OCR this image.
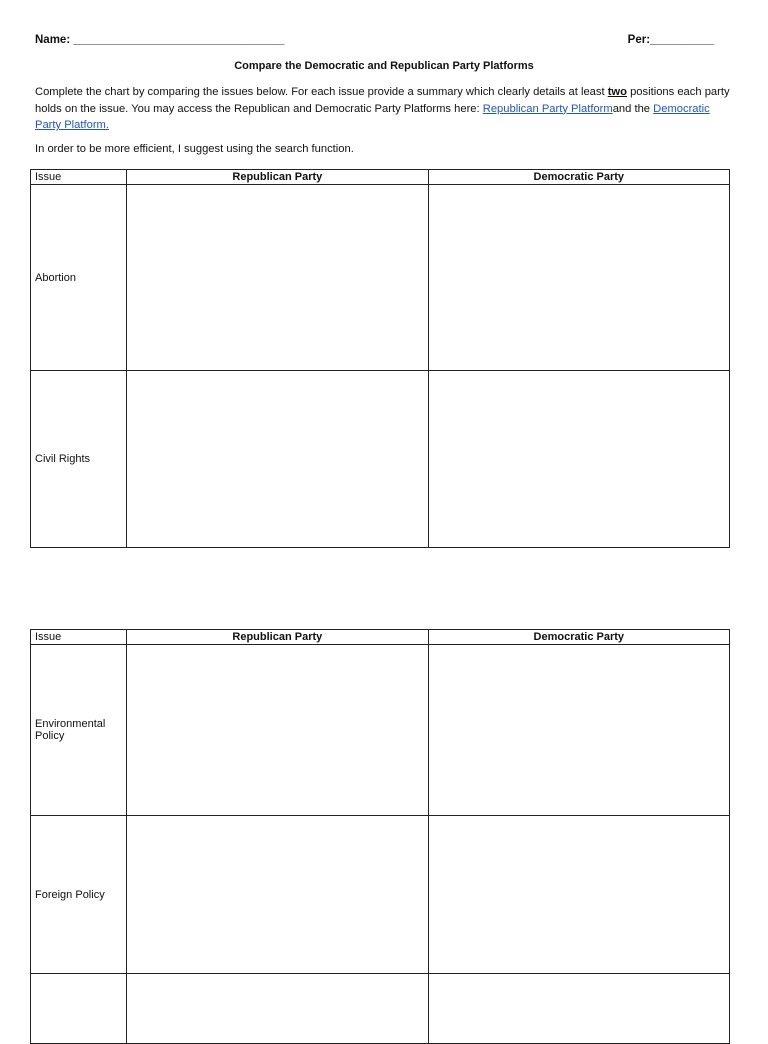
Name: _________________________________	Per:__________
Compare the Democratic and Republican Party Platforms
Complete the chart by comparing the issues below. For each issue provide a summary which clearly details at least two positions each party holds on the issue. You may access the Republican and Democratic Party Platforms here: Republican Party Platformand the Democratic Party Platform.
In order to be more efficient, I suggest using the search function.
Issue	Republican Party	Democratic Party
Abortion		
Civil Rights		
Issue	Republican Party	Democratic Party

Environmental Policy		

Foreign Policy		
